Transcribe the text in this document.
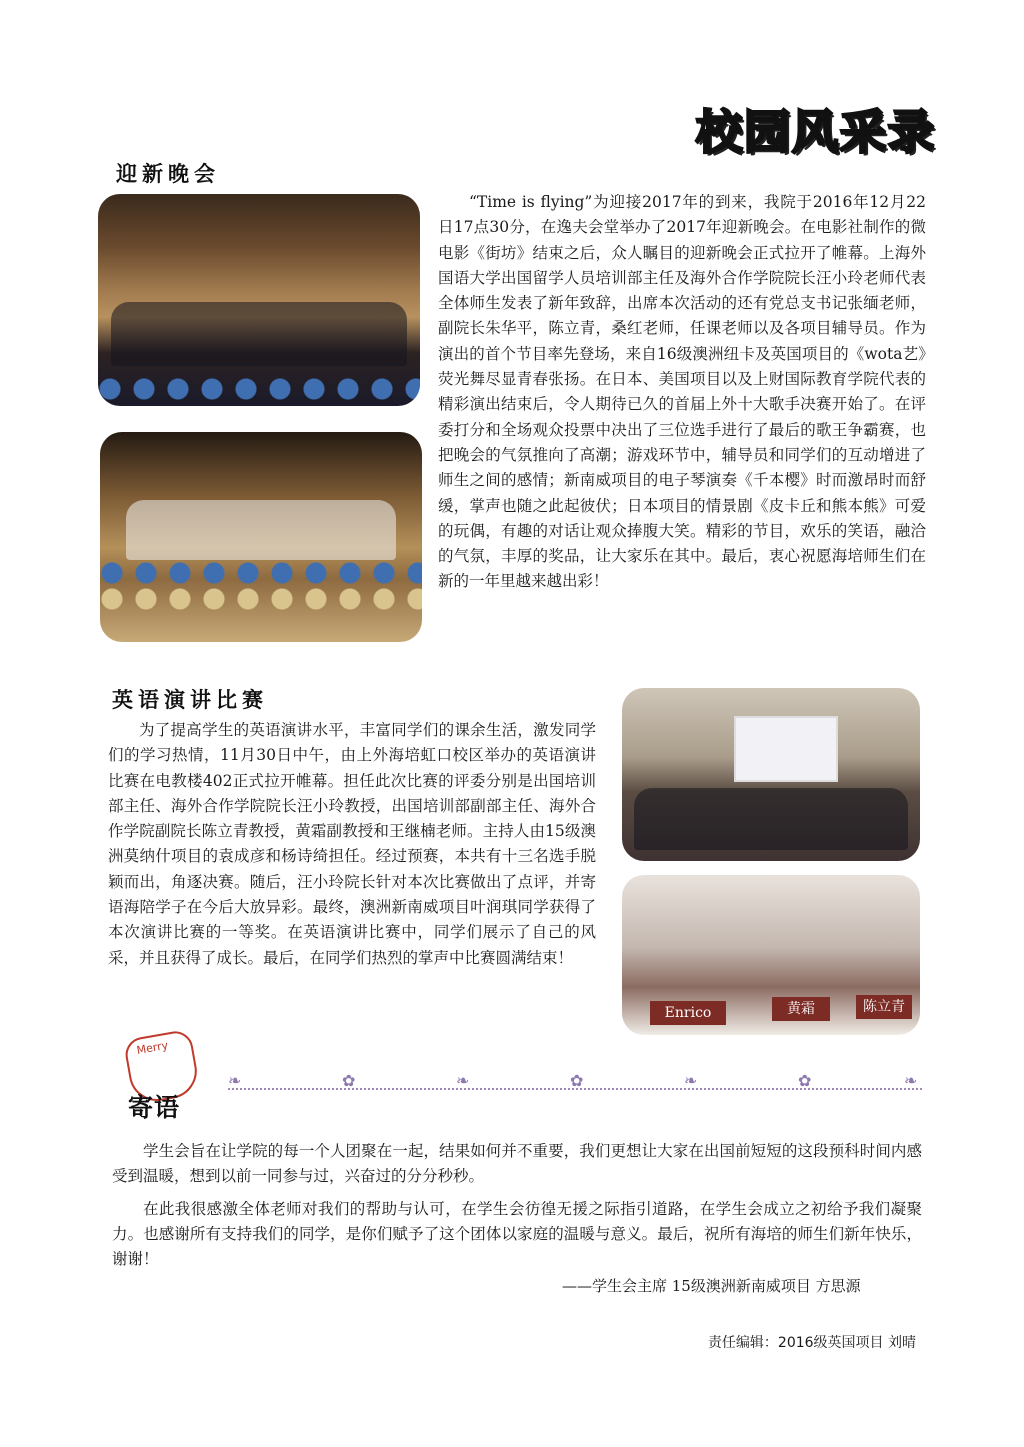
校园风采录
迎新晚会

“Time is flying”为迎接2017年的到来，我院于2016年12月22日17点30分，在逸夫会堂举办了2017年迎新晚会。在电影社制作的微电影《街坊》结束之后，众人瞩目的迎新晚会正式拉开了帷幕。上海外国语大学出国留学人员培训部主任及海外合作学院院长汪小玲老师代表全体师生发表了新年致辞，出席本次活动的还有党总支书记张缅老师，副院长朱华平，陈立青，桑红老师，任课老师以及各项目辅导员。作为演出的首个节目率先登场，来自16级澳洲纽卡及英国项目的《wota艺》荧光舞尽显青春张扬。在日本、美国项目以及上财国际教育学院代表的精彩演出结束后，令人期待已久的首届上外十大歌手决赛开始了。在评委打分和全场观众投票中决出了三位选手进行了最后的歌王争霸赛，也把晚会的气氛推向了高潮；游戏环节中，辅导员和同学们的互动增进了师生之间的感情；新南威项目的电子琴演奏《千本樱》时而激昂时而舒缓，掌声也随之此起彼伏；日本项目的情景剧《皮卡丘和熊本熊》可爱的玩偶，有趣的对话让观众捧腹大笑。精彩的节目，欢乐的笑语，融洽的气氛，丰厚的奖品，让大家乐在其中。最后，衷心祝愿海培师生们在新的一年里越来越出彩！

英语演讲比赛

为了提高学生的英语演讲水平，丰富同学们的课余生活，激发同学们的学习热情，11月30日中午，由上外海培虹口校区举办的英语演讲比赛在电教楼402正式拉开帷幕。担任此次比赛的评委分别是出国培训部主任、海外合作学院院长汪小玲教授，出国培训部副部主任、海外合作学院副院长陈立青教授，黄霜副教授和王继楠老师。主持人由15级澳洲莫纳什项目的袁成彦和杨诗绮担任。经过预赛，本共有十三名选手脱颖而出，角逐决赛。随后，汪小玲院长针对本次比赛做出了点评，并寄语海陪学子在今后大放异彩。最终，澳洲新南威项目叶润琪同学获得了本次演讲比赛的一等奖。在英语演讲比赛中，同学们展示了自己的风采，并且获得了成长。最后，在同学们热烈的掌声中比赛圆满结束！

Enrico	黄霜	陈立青
Merry
寄语
❧	✿	❧	✿	❧	✿	❧

学生会旨在让学院的每一个人团聚在一起，结果如何并不重要，我们更想让大家在出国前短短的这段预科时间内感受到温暖，想到以前一同参与过，兴奋过的分分秒秒。

在此我很感激全体老师对我们的帮助与认可，在学生会彷徨无援之际指引道路，在学生会成立之初给予我们凝聚力。也感谢所有支持我们的同学，是你们赋予了这个团体以家庭的温暖与意义。最后，祝所有海培的师生们新年快乐，谢谢！

——学生会主席 15级澳洲新南威项目 方思源

责任编辑：2016级英国项目 刘晴
